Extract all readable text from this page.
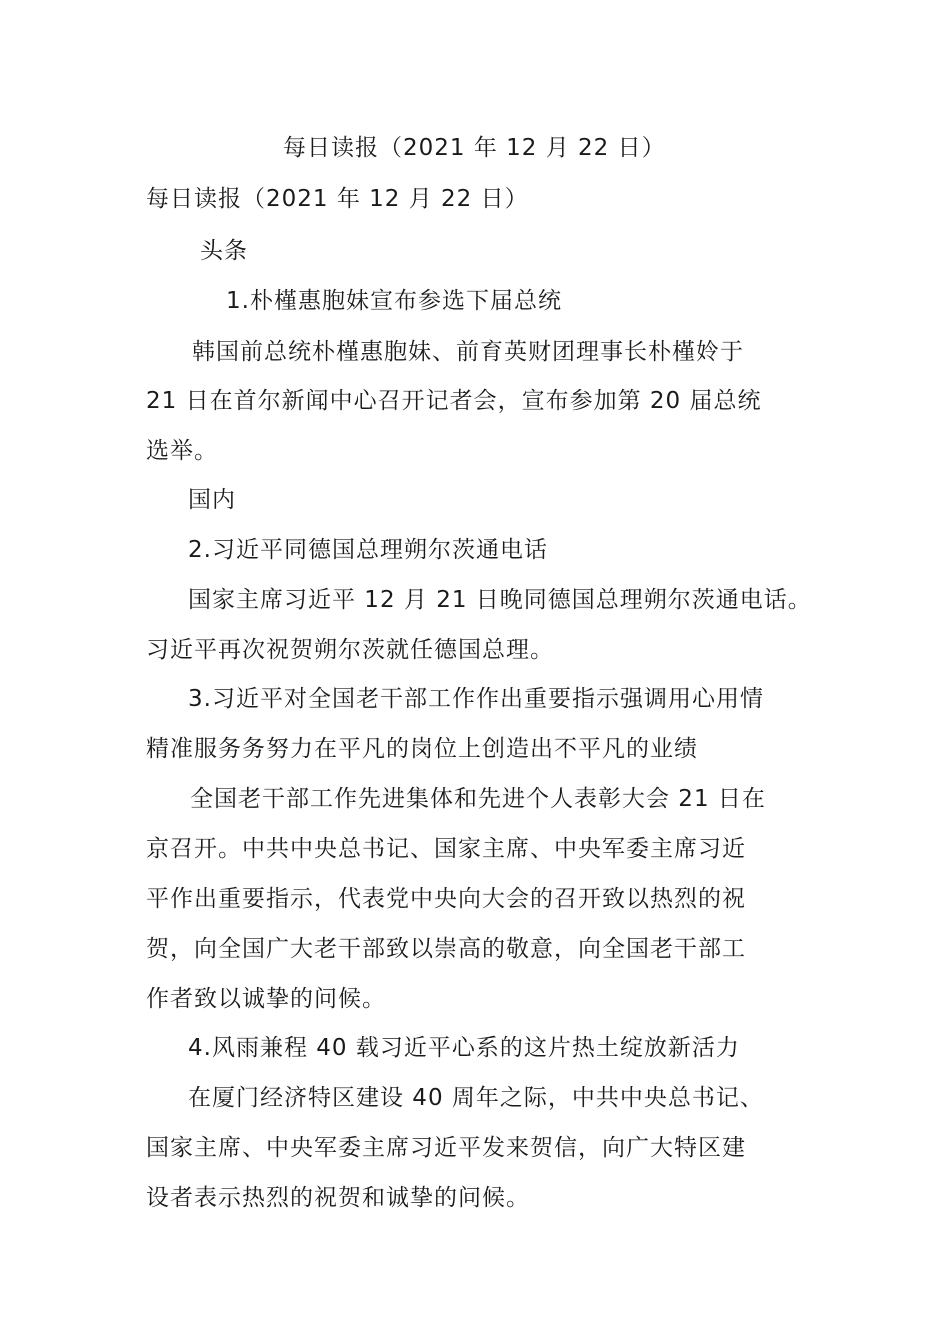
每日读报（2021 年 12 月 22 日）
每日读报（2021 年 12 月 22 日）
头条
1.朴槿惠胞妹宣布参选下届总统
韩国前总统朴槿惠胞妹、前育英财团理事长朴槿姈于
21 日在首尔新闻中心召开记者会，宣布参加第 20 届总统
选举。
国内
2.习近平同德国总理朔尔茨通电话
国家主席习近平 12 月 21 日晚同德国总理朔尔茨通电话。
习近平再次祝贺朔尔茨就任德国总理。
3.习近平对全国老干部工作作出重要指示强调用心用情
精准服务务努力在平凡的岗位上创造出不平凡的业绩
全国老干部工作先进集体和先进个人表彰大会 21 日在
京召开。中共中央总书记、国家主席、中央军委主席习近
平作出重要指示，代表党中央向大会的召开致以热烈的祝
贺，向全国广大老干部致以崇高的敬意，向全国老干部工
作者致以诚挚的问候。
4.风雨兼程 40 载习近平心系的这片热土绽放新活力
在厦门经济特区建设 40 周年之际，中共中央总书记、
国家主席、中央军委主席习近平发来贺信，向广大特区建
设者表示热烈的祝贺和诚挚的问候。
